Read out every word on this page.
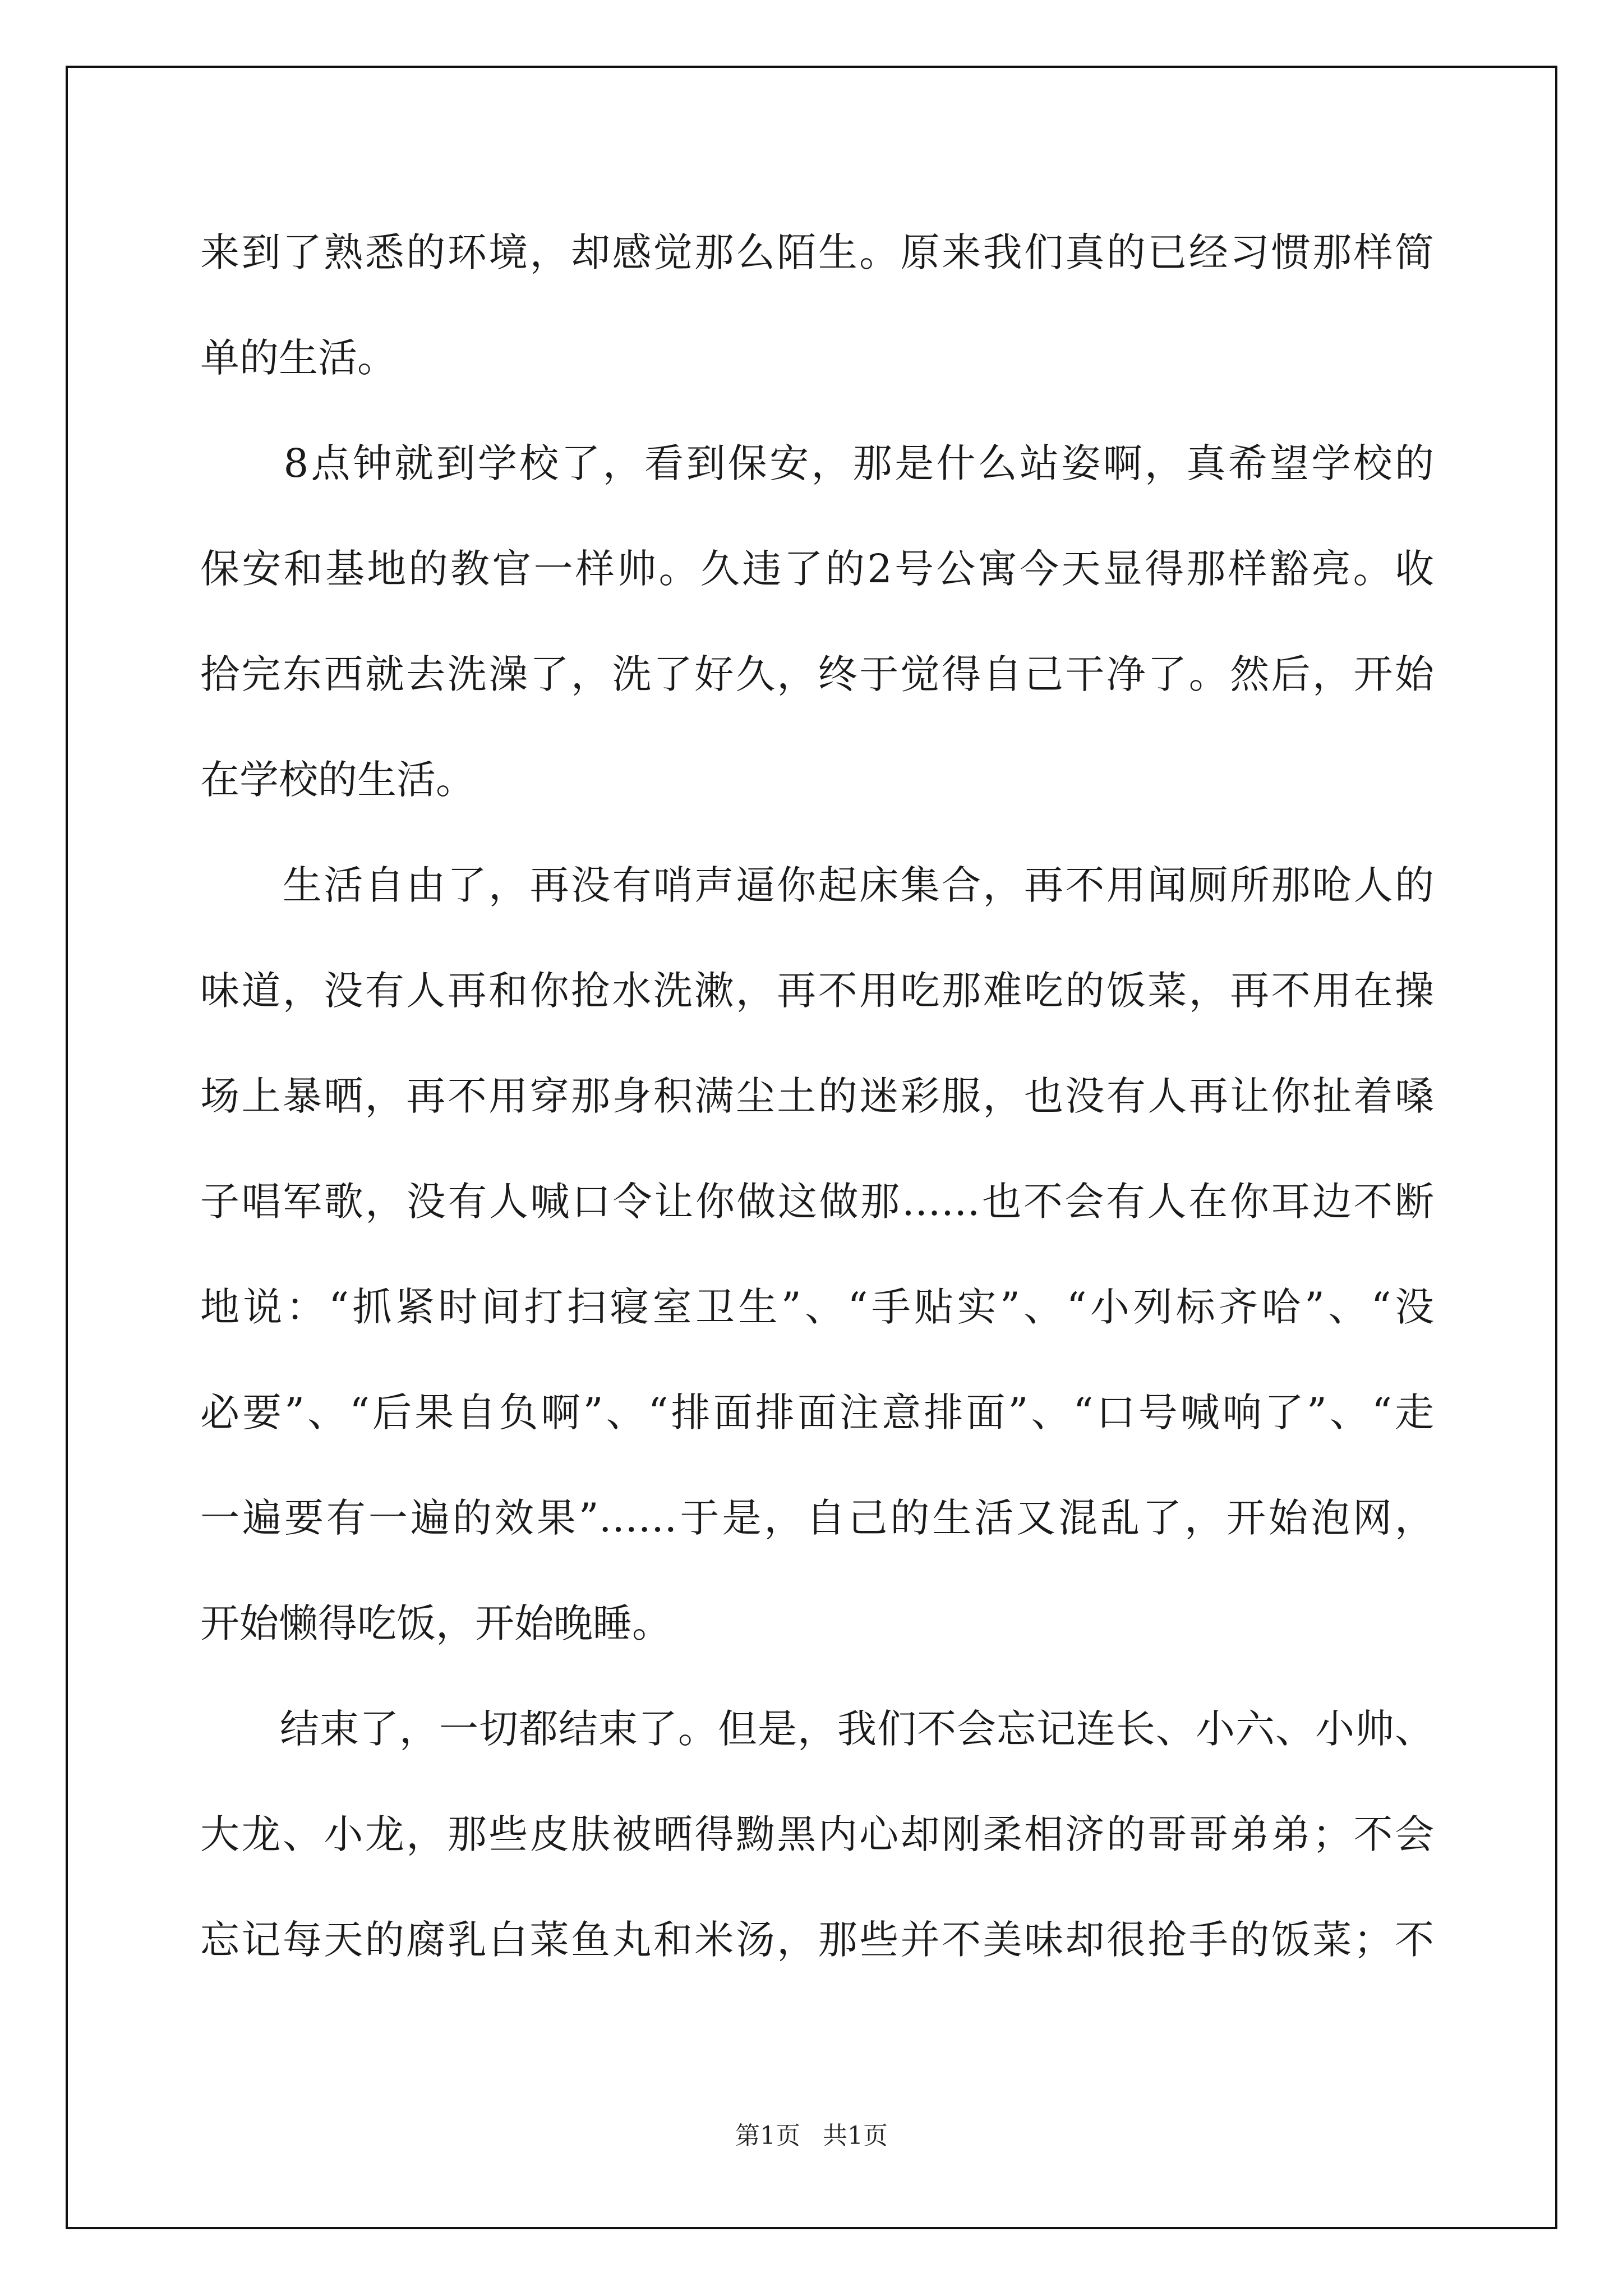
来到了熟悉的环境，却感觉那么陌生。原来我们真的已经习惯那样简
单的生活。
　　8点钟就到学校了，看到保安，那是什么站姿啊，真希望学校的
保安和基地的教官一样帅。久违了的2号公寓今天显得那样豁亮。收
拾完东西就去洗澡了，洗了好久，终于觉得自己干净了。然后，开始
在学校的生活。
　　生活自由了，再没有哨声逼你起床集合，再不用闻厕所那呛人的
味道，没有人再和你抢水洗漱，再不用吃那难吃的饭菜，再不用在操
场上暴晒，再不用穿那身积满尘土的迷彩服，也没有人再让你扯着嗓
子唱军歌，没有人喊口令让你做这做那……也不会有人在你耳边不断
地说：“抓紧时间打扫寝室卫生”、“手贴实”、“小列标齐哈”、“没
必要”、“后果自负啊”、“排面排面注意排面”、“口号喊响了”、“走
一遍要有一遍的效果”……于是，自己的生活又混乱了，开始泡网，
开始懒得吃饭，开始晚睡。
　　结束了，一切都结束了。但是，我们不会忘记连长、小六、小帅、
大龙、小龙，那些皮肤被晒得黝黑内心却刚柔相济的哥哥弟弟；不会
忘记每天的腐乳白菜鱼丸和米汤，那些并不美味却很抢手的饭菜；不
第1页 共1页
